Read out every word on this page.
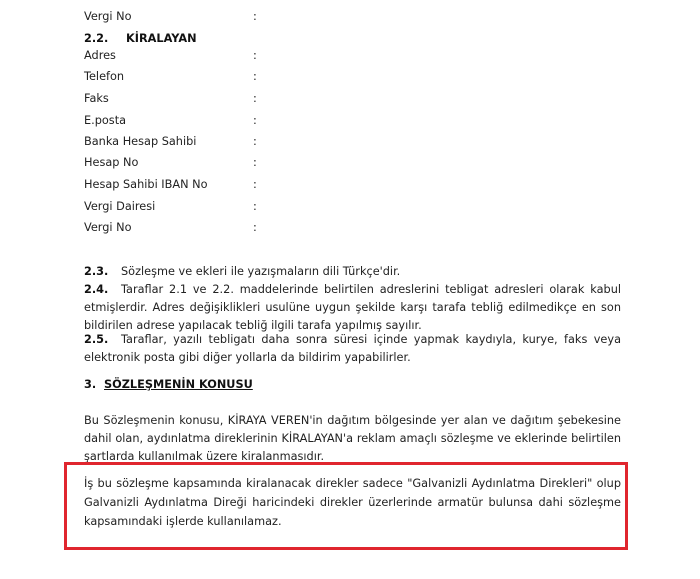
Vergi No	:
2.2. KİRALAYAN
Adres	:
Telefon	:
Faks	:
E.posta	:
Banka Hesap Sahibi	:
Hesap No	:
Hesap Sahibi IBAN No	:
Vergi Dairesi	:
Vergi No	:
2.3. Sözleşme ve ekleri ile yazışmaların dili Türkçe'dir.
2.4. Taraflar 2.1 ve 2.2. maddelerinde belirtilen adreslerini tebligat adresleri olarak kabul etmişlerdir. Adres değişiklikleri usulüne uygun şekilde karşı tarafa tebliğ edilmedikçe en son bildirilen adrese yapılacak tebliğ ilgili tarafa yapılmış sayılır.
2.5. Taraflar, yazılı tebligatı daha sonra süresi içinde yapmak kaydıyla, kurye, faks veya elektronik posta gibi diğer yollarla da bildirim yapabilirler.
3. SÖZLEŞMENİN KONUSU
Bu Sözleşmenin konusu, KİRAYA VEREN'in dağıtım bölgesinde yer alan ve dağıtım şebekesine dahil olan, aydınlatma direklerinin KİRALAYAN'a reklam amaçlı sözleşme ve eklerinde belirtilen şartlarda kullanılmak üzere kiralanmasıdır.
İş bu sözleşme kapsamında kiralanacak direkler sadece "Galvanizli Aydınlatma Direkleri" olup Galvanizli Aydınlatma Direği haricindeki direkler üzerlerinde armatür bulunsa dahi sözleşme kapsamındaki işlerde kullanılamaz.
